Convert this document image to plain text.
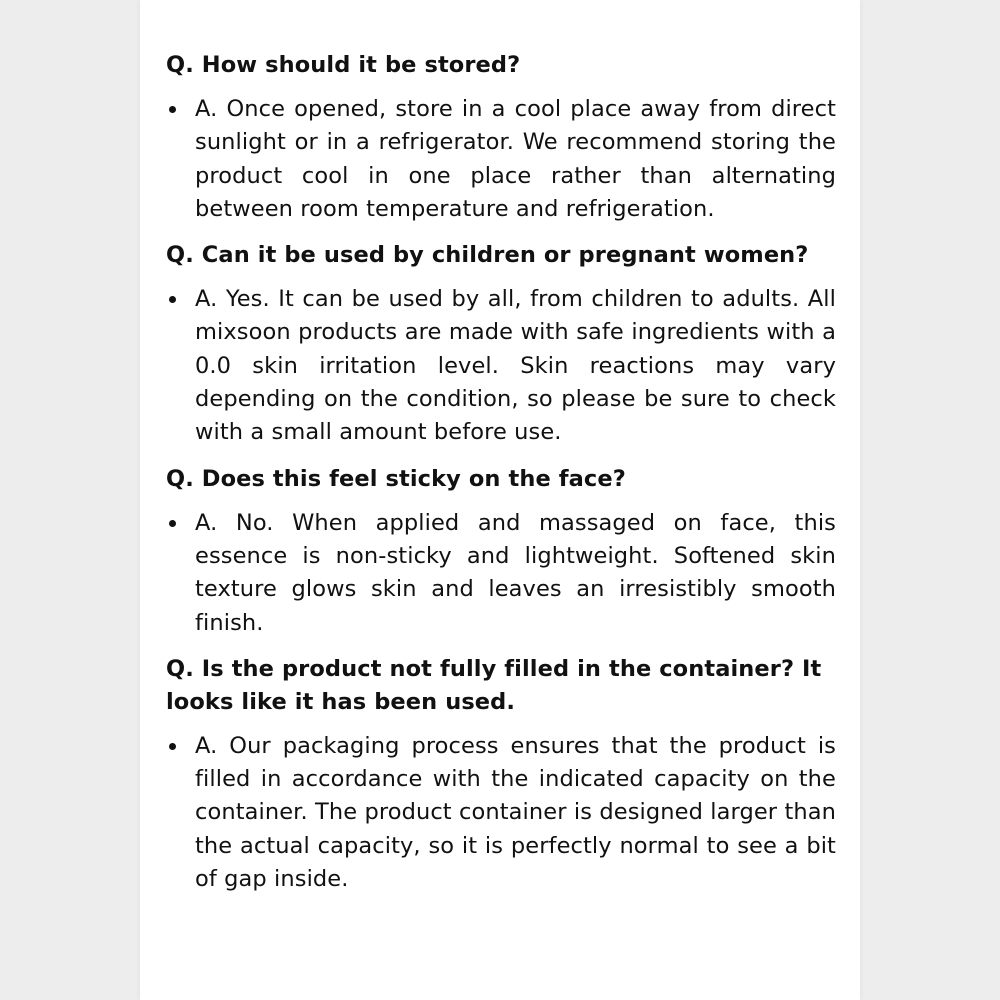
Q. How should it be stored?

A. Once opened, store in a cool place away from direct sunlight or in a refrigerator. We recommend storing the product cool in one place rather than alternating between room temperature and refrigeration.

Q. Can it be used by children or pregnant women?

A. Yes. It can be used by all, from children to adults. All mixsoon products are made with safe ingredients with a 0.0 skin irritation level. Skin reactions may vary depending on the condition, so please be sure to check with a small amount before use.

Q. Does this feel sticky on the face?

A. No. When applied and massaged on face, this essence is non-sticky and lightweight. Softened skin texture glows skin and leaves an irresistibly smooth finish.

Q. Is the product not fully filled in the container? It looks like it has been used.

A. Our packaging process ensures that the product is filled in accordance with the indicated capacity on the container. The product container is designed larger than the actual capacity, so it is perfectly normal to see a bit of gap inside.
